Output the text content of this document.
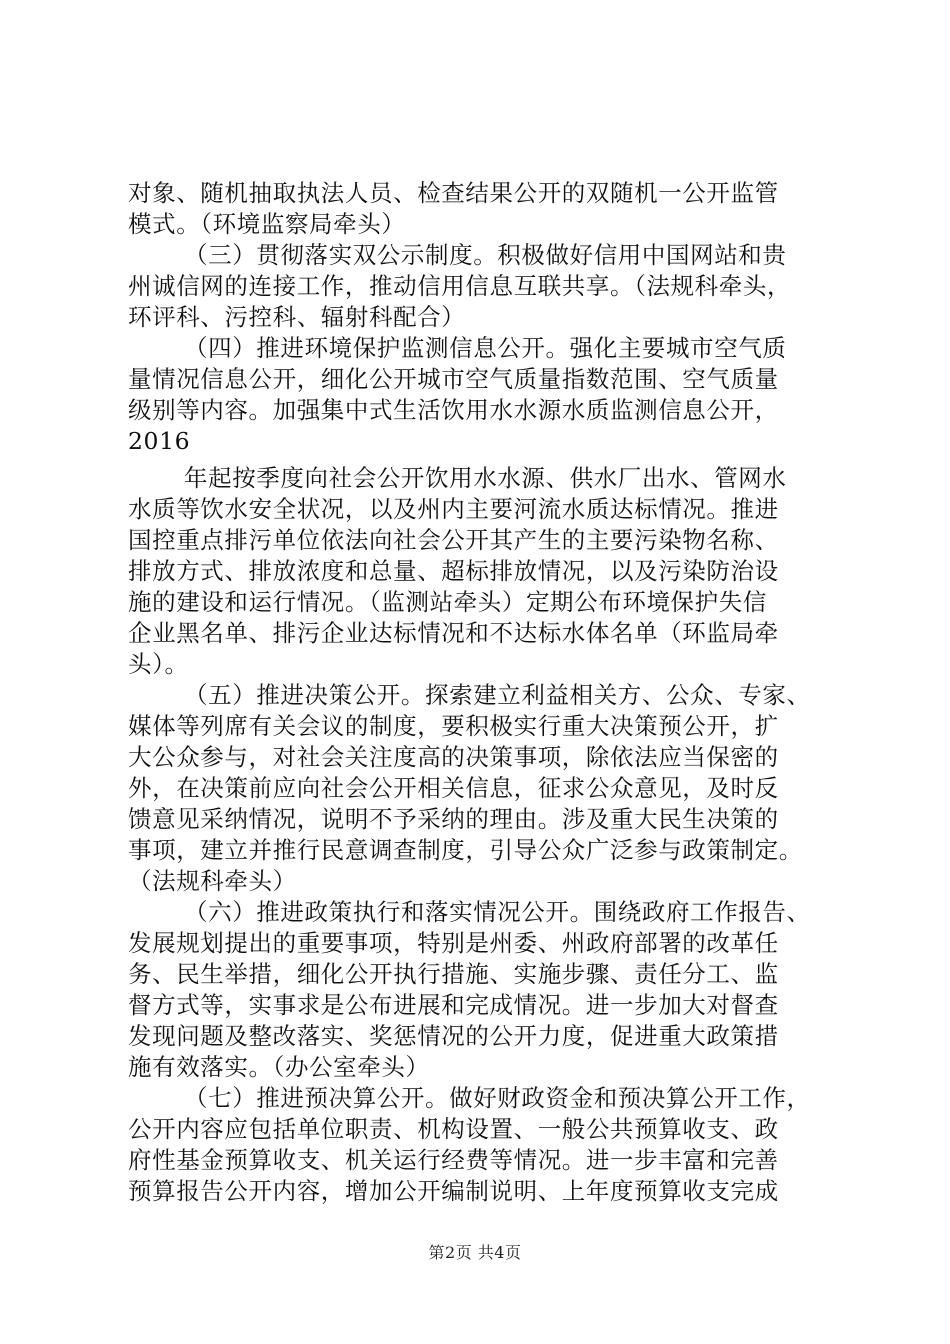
对象、随机抽取执法人员、检查结果公开的双随机一公开监管
模式。（环境监察局牵头）
（三）贯彻落实双公示制度。积极做好信用中国网站和贵
州诚信网的连接工作，推动信用信息互联共享。（法规科牵头，
环评科、污控科、辐射科配合）
（四）推进环境保护监测信息公开。强化主要城市空气质
量情况信息公开，细化公开城市空气质量指数范围、空气质量
级别等内容。加强集中式生活饮用水水源水质监测信息公开，
2016
年起按季度向社会公开饮用水水源、供水厂出水、管网水
水质等饮水安全状况，以及州内主要河流水质达标情况。推进
国控重点排污单位依法向社会公开其产生的主要污染物名称、
排放方式、排放浓度和总量、超标排放情况，以及污染防治设
施的建设和运行情况。（监测站牵头）定期公布环境保护失信
企业黑名单、排污企业达标情况和不达标水体名单（环监局牵
头）。
（五）推进决策公开。探索建立利益相关方、公众、专家、
媒体等列席有关会议的制度，要积极实行重大决策预公开，扩
大公众参与，对社会关注度高的决策事项，除依法应当保密的
外，在决策前应向社会公开相关信息，征求公众意见，及时反
馈意见采纳情况，说明不予采纳的理由。涉及重大民生决策的
事项，建立并推行民意调查制度，引导公众广泛参与政策制定。
（法规科牵头）
（六）推进政策执行和落实情况公开。围绕政府工作报告、
发展规划提出的重要事项，特别是州委、州政府部署的改革任
务、民生举措，细化公开执行措施、实施步骤、责任分工、监
督方式等，实事求是公布进展和完成情况。进一步加大对督查
发现问题及整改落实、奖惩情况的公开力度，促进重大政策措
施有效落实。（办公室牵头）
（七）推进预决算公开。做好财政资金和预决算公开工作，
公开内容应包括单位职责、机构设置、一般公共预算收支、政
府性基金预算收支、机关运行经费等情况。进一步丰富和完善
预算报告公开内容，增加公开编制说明、上年度预算收支完成
第2页 共4页
